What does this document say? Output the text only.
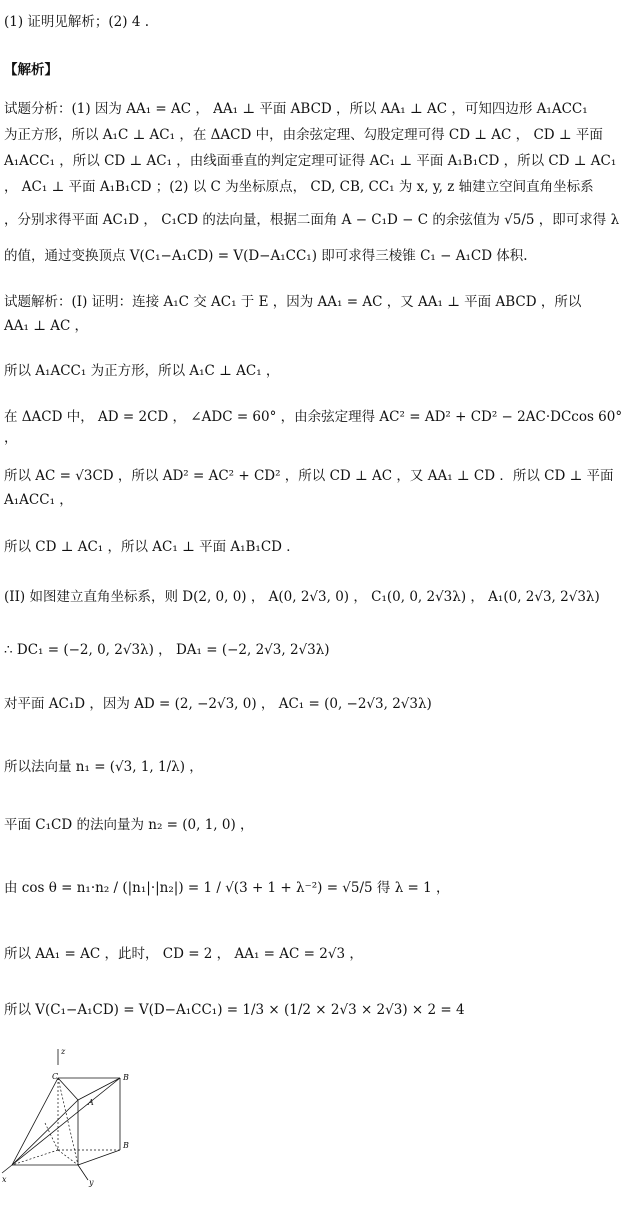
(1) 证明见解析；(2) 4 .
【解析】
试题分析：(1) 因为 AA₁ = AC ， AA₁ ⊥ 平面 ABCD ，所以 AA₁ ⊥ AC ，可知四边形 A₁ACC₁
为正方形，所以 A₁C ⊥ AC₁ ，在 ΔACD 中，由余弦定理、勾股定理可得 CD ⊥ AC ， CD ⊥ 平面
A₁ACC₁ ，所以 CD ⊥ AC₁ ，由线面垂直的判定定理可证得 AC₁ ⊥ 平面 A₁B₁CD ，所以 CD ⊥ AC₁
， AC₁ ⊥ 平面 A₁B₁CD ；(2) 以 C 为坐标原点， CD, CB, CC₁ 为 x, y, z 轴建立空间直角坐标系
，分别求得平面 AC₁D ， C₁CD 的法向量，根据二面角 A − C₁D − C 的余弦值为 √5/5 ，即可求得 λ
的值，通过变换顶点 V(C₁−A₁CD) = V(D−A₁CC₁) 即可求得三棱锥 C₁ − A₁CD 体积.
试题解析：(I) 证明：连接 A₁C 交 AC₁ 于 E ，因为 AA₁ = AC ，又 AA₁ ⊥ 平面 ABCD ，所以
AA₁ ⊥ AC ，
所以 A₁ACC₁ 为正方形，所以 A₁C ⊥ AC₁ ，
在 ΔACD 中， AD = 2CD ， ∠ADC = 60° ，由余弦定理得 AC² = AD² + CD² − 2AC·DCcos 60°
，
所以 AC = √3CD ，所以 AD² = AC² + CD² ，所以 CD ⊥ AC ，又 AA₁ ⊥ CD ．所以 CD ⊥ 平面
A₁ACC₁ ，
所以 CD ⊥ AC₁ ，所以 AC₁ ⊥ 平面 A₁B₁CD ．
(II) 如图建立直角坐标系，则 D(2, 0, 0) ， A(0, 2√3, 0) ， C₁(0, 0, 2√3λ) ， A₁(0, 2√3, 2√3λ)
∴ DC₁ = (−2, 0, 2√3λ) ， DA₁ = (−2, 2√3, 2√3λ)
对平面 AC₁D ，因为 AD = (2, −2√3, 0) ， AC₁ = (0, −2√3, 2√3λ)
所以法向量 n₁ = (√3, 1, 1/λ) ，
平面 C₁CD 的法向量为 n₂ = (0, 1, 0) ，
由 cos θ = n₁·n₂ / (|n₁|·|n₂|) = 1 / √(3 + 1 + λ⁻²) = √5/5 得 λ = 1 ，
所以 AA₁ = AC ，此时， CD = 2 ， AA₁ = AC = 2√3 ，
所以 V(C₁−A₁CD) = V(D−A₁CC₁) = 1/3 × (1/2 × 2√3 × 2√3) × 2 = 4
C
z
B
A
B
x	y
